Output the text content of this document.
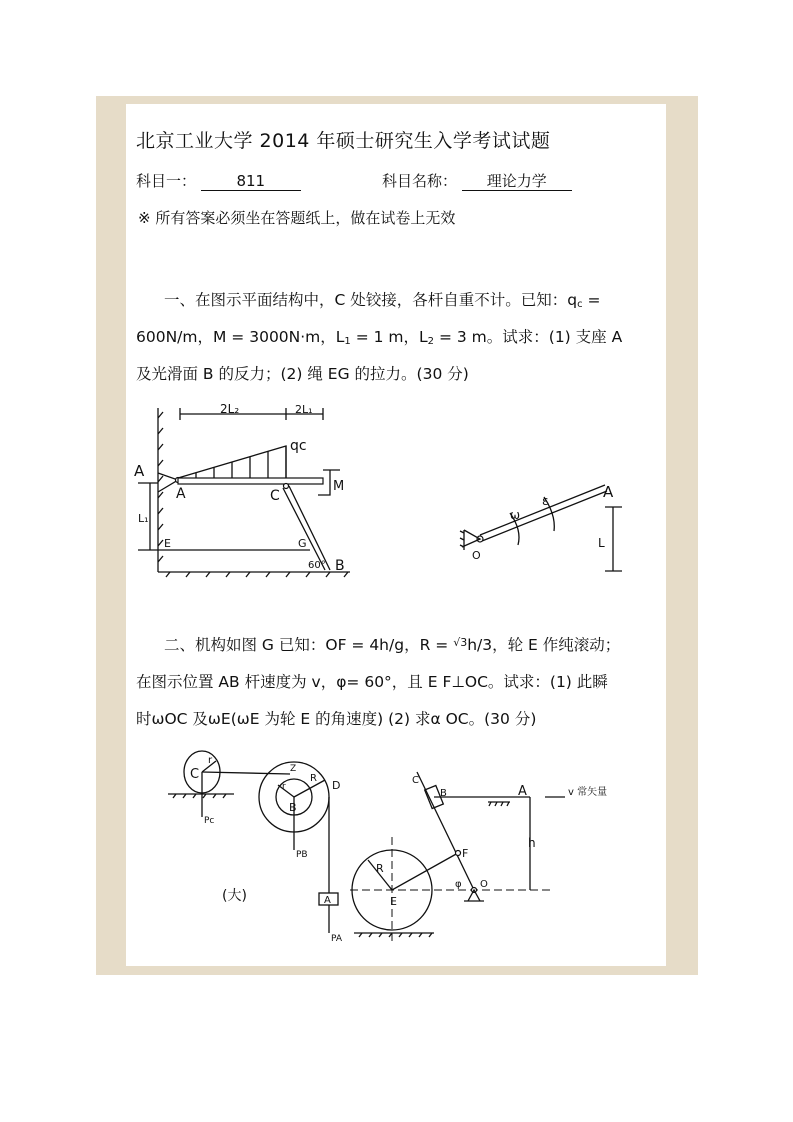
北京工业大学 2014 年硕士研究生入学考试试题
科目一：	811	科目名称： 理论力学
※ 所有答案必须坐在答题纸上，做在试卷上无效
一、在图示平面结构中，C 处铰接，各杆自重不计。已知：$q_c$ =
600N/m，M = 3000N·m，$L_1 = 1$ m，$L_2 = 3$ m。试求：(1) 支座 A
及光滑面 B 的反力；(2) 绳 EG 的拉力。(30 分)
2L₂	2L₁
A
A
qc
M
C
E	G
60° B
L₁
O
ω
ε	A
L
二、机构如图 G 已知：OF = 4h/g，R = $^{√3}$h/3，轮 E 作纯滚动；
在图示位置 AB 杆速度为 v，φ= 60°，且 E F⊥OC。试求：(1) 此瞬
时ωOC 及ωE(ωE 为轮 E 的角速度) (2) 求α OC。(30 分)
C
r
Pc
Z
r
R
D
B
PB
A
PA
(大)
R
E
C
B	A	v 常矢量
h
F
φ O
